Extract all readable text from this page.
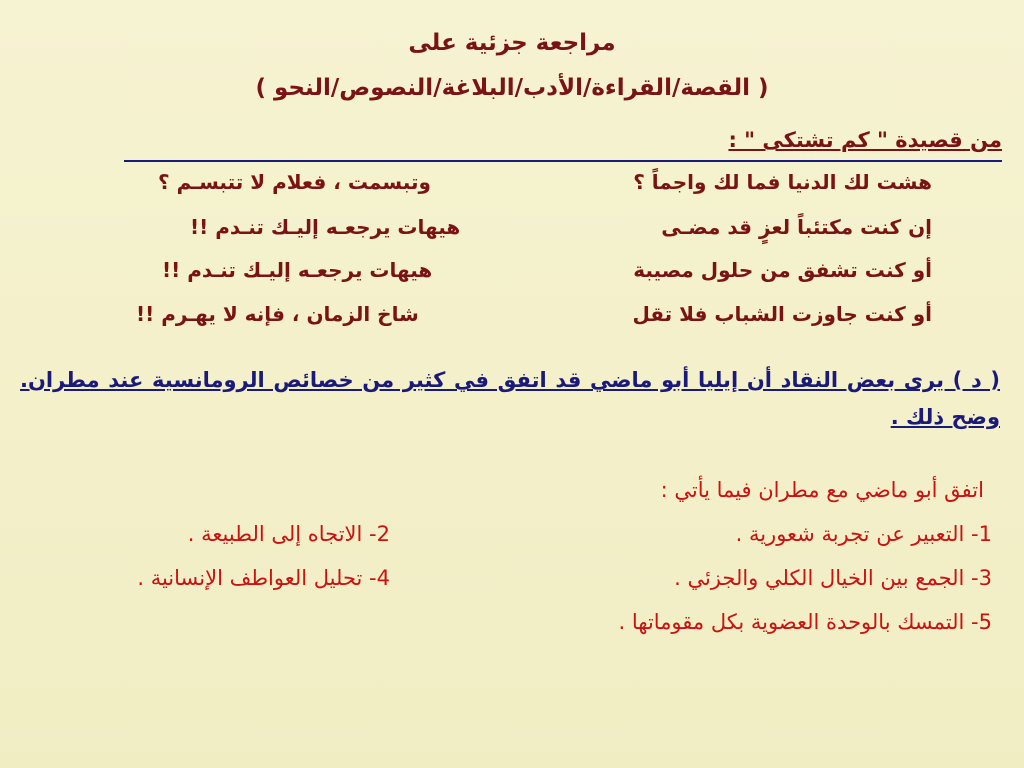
مراجعة جزئية على
( القصة/القراءة/الأدب/البلاغة/النصوص/النحو )
من قصيدة " كم تشتكى " :
هشت لك الدنيا فما لك واجماً ؟
وتبسمت ، فعلام لا تتبسـم ؟
إن كنت مكتئباً لعزٍ قد مضـى
هيهات يرجعـه إليـك تنـدم !!
أو كنت تشفق من حلول مصيبة
هيهات يرجعـه إليـك تنـدم !!
أو كنت جاوزت الشباب فلا تقل
شاخ الزمان ، فإنه لا يهـرم !!
( د ) يرى بعض النقاد أن إيليا أبو ماضي قد اتفق في كثير من خصائص الرومانسية عند مطران. وضح ذلك .
اتفق أبو ماضي مع مطران فيما يأتي :
1- التعبير عن تجربة شعورية .
2- الاتجاه إلى الطبيعة .
3- الجمع بين الخيال الكلي والجزئي .
4- تحليل العواطف الإنسانية .
5- التمسك بالوحدة العضوية بكل مقوماتها .
